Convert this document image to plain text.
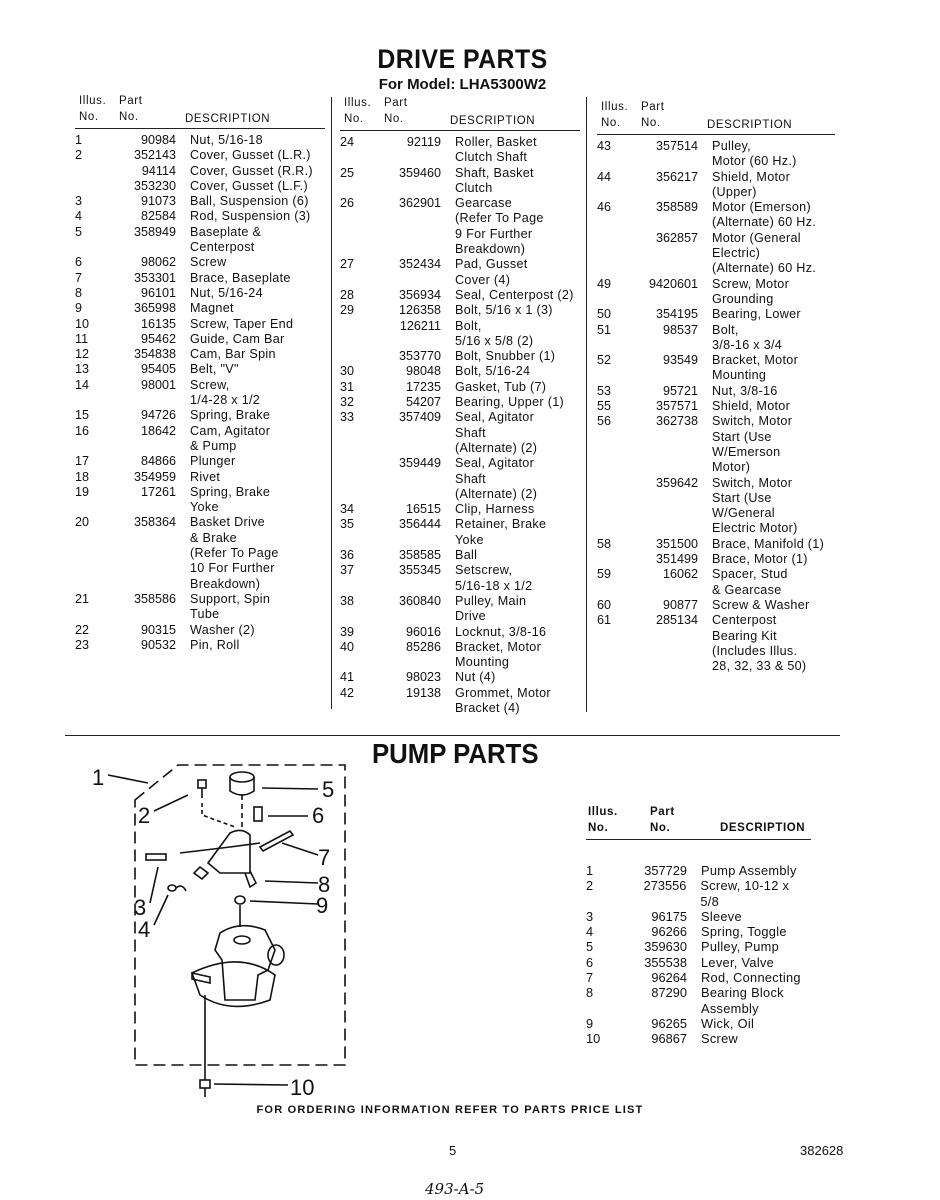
DRIVE PARTS
For Model: LHA5300W2
Illus. Part
No. No.	DESCRIPTION
1	90984 Nut, 5/16-18
2	352143 Cover, Gusset (L.R.)
94114 Cover, Gusset (R.R.)
353230 Cover, Gusset (L.F.)
3	91073 Ball, Suspension (6)
4	82584 Rod, Suspension (3)
5	358949 Baseplate &
Centerpost
6	98062 Screw
7	353301 Brace, Baseplate
8	96101 Nut, 5/16-24
9	365998 Magnet
10	16135 Screw, Taper End
11	95462 Guide, Cam Bar
12	354838 Cam, Bar Spin
13	95405 Belt, "V"
14	98001 Screw,
1/4-28 x 1/2
15	94726 Spring, Brake
16	18642 Cam, Agitator
& Pump
17	84866 Plunger
18	354959 Rivet
19	17261 Spring, Brake
Yoke
20	358364 Basket Drive
& Brake
(Refer To Page
10 For Further
Breakdown)
21	358586 Support, Spin
Tube
22	90315 Washer (2)
23	90532 Pin, Roll
Illus. Part
No. No.	DESCRIPTION
24	92119 Roller, Basket
Clutch Shaft
25	359460 Shaft, Basket
Clutch
26	362901 Gearcase
(Refer To Page
9 For Further
Breakdown)
27	352434 Pad, Gusset
Cover (4)
28	356934 Seal, Centerpost (2)
29	126358 Bolt, 5/16 x 1 (3)
126211 Bolt,
5/16 x 5/8 (2)
353770 Bolt, Snubber (1)
30	98048 Bolt, 5/16-24
31	17235 Gasket, Tub (7)
32	54207 Bearing, Upper (1)
33	357409 Seal, Agitator
Shaft
(Alternate) (2)
359449 Seal, Agitator
Shaft
(Alternate) (2)
34	16515 Clip, Harness
35	356444 Retainer, Brake
Yoke
36	358585 Ball
37	355345 Setscrew,
5/16-18 x 1/2
38	360840 Pulley, Main
Drive
39	96016 Locknut, 3/8-16
40	85286 Bracket, Motor
Mounting
41	98023 Nut (4)
42	19138 Grommet, Motor
Bracket (4)
Illus. Part
No. No.	DESCRIPTION
43	357514 Pulley,
Motor (60 Hz.)
44	356217 Shield, Motor
(Upper)
46	358589 Motor (Emerson)
(Alternate) 60 Hz.
362857 Motor (General
Electric)
(Alternate) 60 Hz.
49	9420601 Screw, Motor
Grounding
50	354195 Bearing, Lower
51	98537 Bolt,
3/8-16 x 3/4
52	93549 Bracket, Motor
Mounting
53	95721 Nut, 3/8-16
55	357571 Shield, Motor
56	362738 Switch, Motor
Start (Use
W/Emerson
Motor)
359642 Switch, Motor
Start (Use
W/General
Electric Motor)
58	351500 Brace, Manifold (1)
351499 Brace, Motor (1)
59	16062 Spacer, Stud
& Gearcase
60	90877 Screw & Washer
61	285134 Centerpost
Bearing Kit
(Includes Illus.
28, 32, 33 & 50)
PUMP PARTS
1
2
3
4
5
6
7
8
9
10
Illus.	Part
No.	No.	DESCRIPTION
1	357729 Pump Assembly
2	273556 Screw, 10-12 x 5/8
3	96175 Sleeve
4	96266 Spring, Toggle
5	359630 Pulley, Pump
6	355538 Lever, Valve
7	96264 Rod, Connecting
8	87290 Bearing Block
Assembly
9	96265 Wick, Oil
10	96867 Screw
FOR ORDERING INFORMATION REFER TO PARTS PRICE LIST
5	382628
493-A-5
